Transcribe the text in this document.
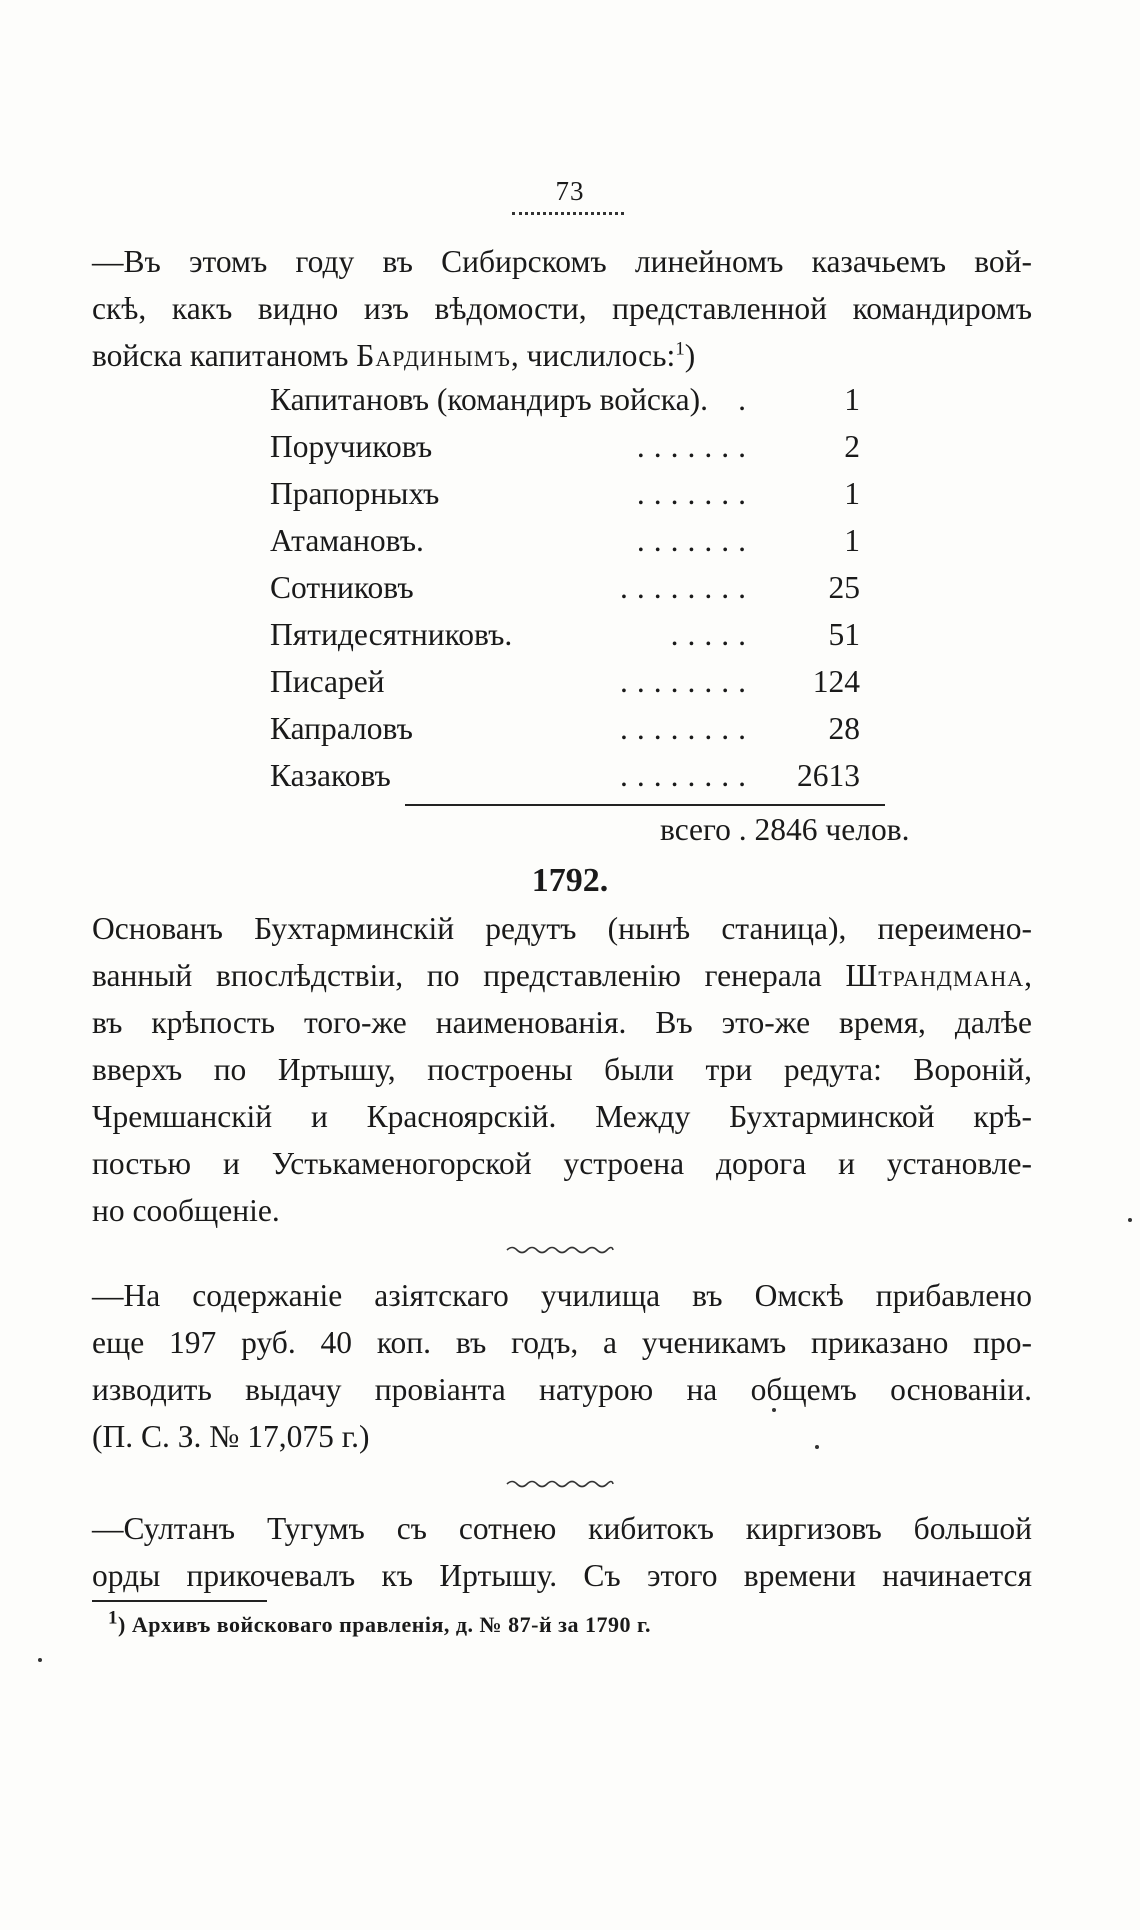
73
—Въ этомъ году въ Сибирскомъ линейномъ казачьемъ вой-
скѣ, какъ видно изъ вѣдомости, представленной командиромъ
войска капитаномъ Бардинымъ, числилось:$^1$)
Капитановъ (командиръ войска). .	1
Поручиковъ	.......	2
Прапорныхъ	.......	1
Атамановъ.	.......	1
Сотниковъ	........	25
Пятидесятниковъ.	.....	51
Писарей	........	124
Капраловъ	........	28
Казаковъ	........	2613
всего . 2846 челов.
1792.
Основанъ Бухтарминскій редутъ (нынѣ станица), переимено-
ванный впослѣдствіи, по представленію генерала Штрандмана,
въ крѣпость того-же наименованія. Въ это-же время, далѣе
вверхъ по Иртышу, построены были три редута: Вороній,
Чремшанскій и Красноярскій. Между Бухтарминской крѣ-
постью и Устькаменогорской устроена дорога и установле-
но сообщеніе.
—На содержаніе азіятскаго училища въ Омскѣ прибавлено
еще 197 руб. 40 коп. въ годъ, а ученикамъ приказано про-
изводить выдачу провіанта натурою на общемъ основаніи.
(П. С. З. № 17,075 г.)
—Султанъ Тугумъ съ сотнею кибитокъ киргизовъ большой
орды прикочевалъ къ Иртышу. Съ этого времени начинается
$^1$) Архивъ войсковаго правленія, д. № 87-й за 1790 г.
